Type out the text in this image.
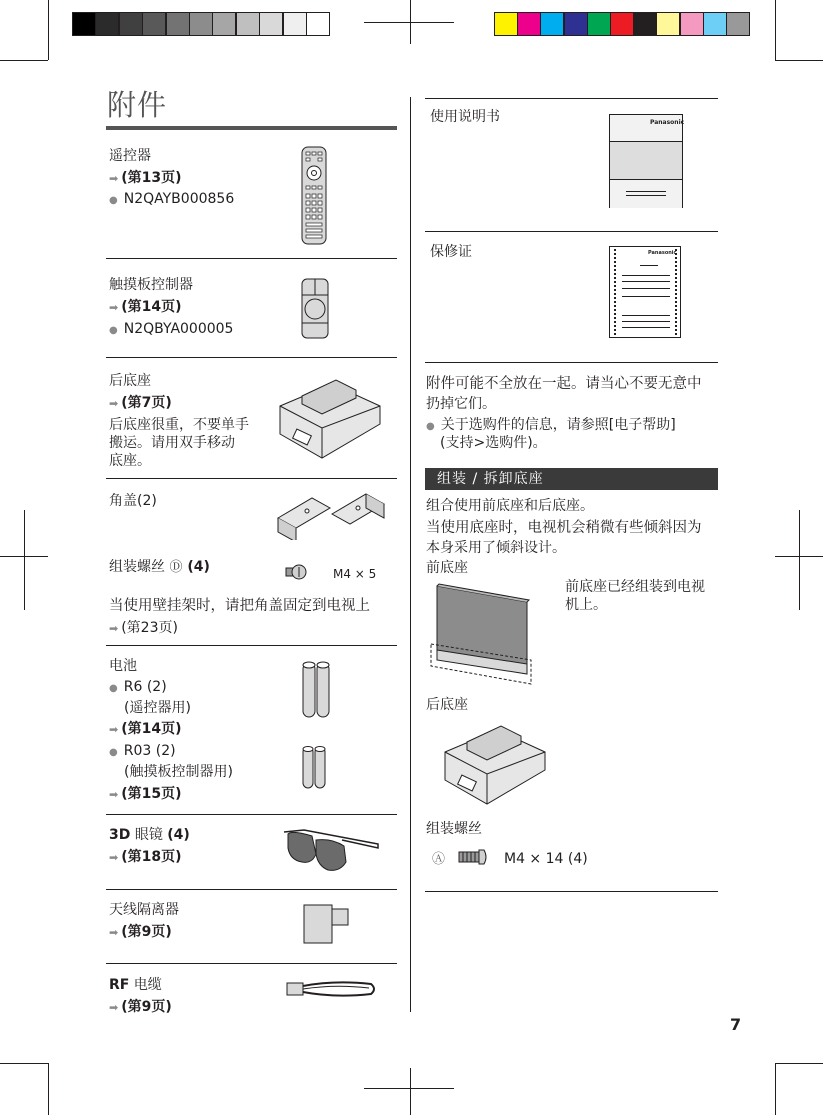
附件
遥控器
➡ (第13页)
● N2QAYB000856
触摸板控制器
➡ (第14页)
● N2QBYA000005
后底座
➡ (第7页)
后底座很重，不要单手
搬运。请用双手移动
底座。
角盖(2)
组装螺丝 Ⓓ (4)	M4 × 5
当使用壁挂架时，请把角盖固定到电视上
➡ (第23页)
电池
● R6 (2)
(遥控器用)
➡ (第14页)
● R03 (2)
(触摸板控制器用)
➡ (第15页)
3D 眼镜 (4)
➡ (第18页)
天线隔离器
➡ (第9页)
RF 电缆
➡ (第9页)
使用说明书	Panasonic
保修证	Panasonic
附件可能不全放在一起。请当心不要无意中
扔掉它们。
● 关于选购件的信息，请参照[电子帮助]
(支持>选购件)。
组装 / 拆卸底座
组合使用前底座和后底座。
当使用底座时，电视机会稍微有些倾斜因为
本身采用了倾斜设计。
前底座
前底座已经组装到电视
机上。
后底座
组装螺丝
Ⓐ	M4 × 14 (4)
7
